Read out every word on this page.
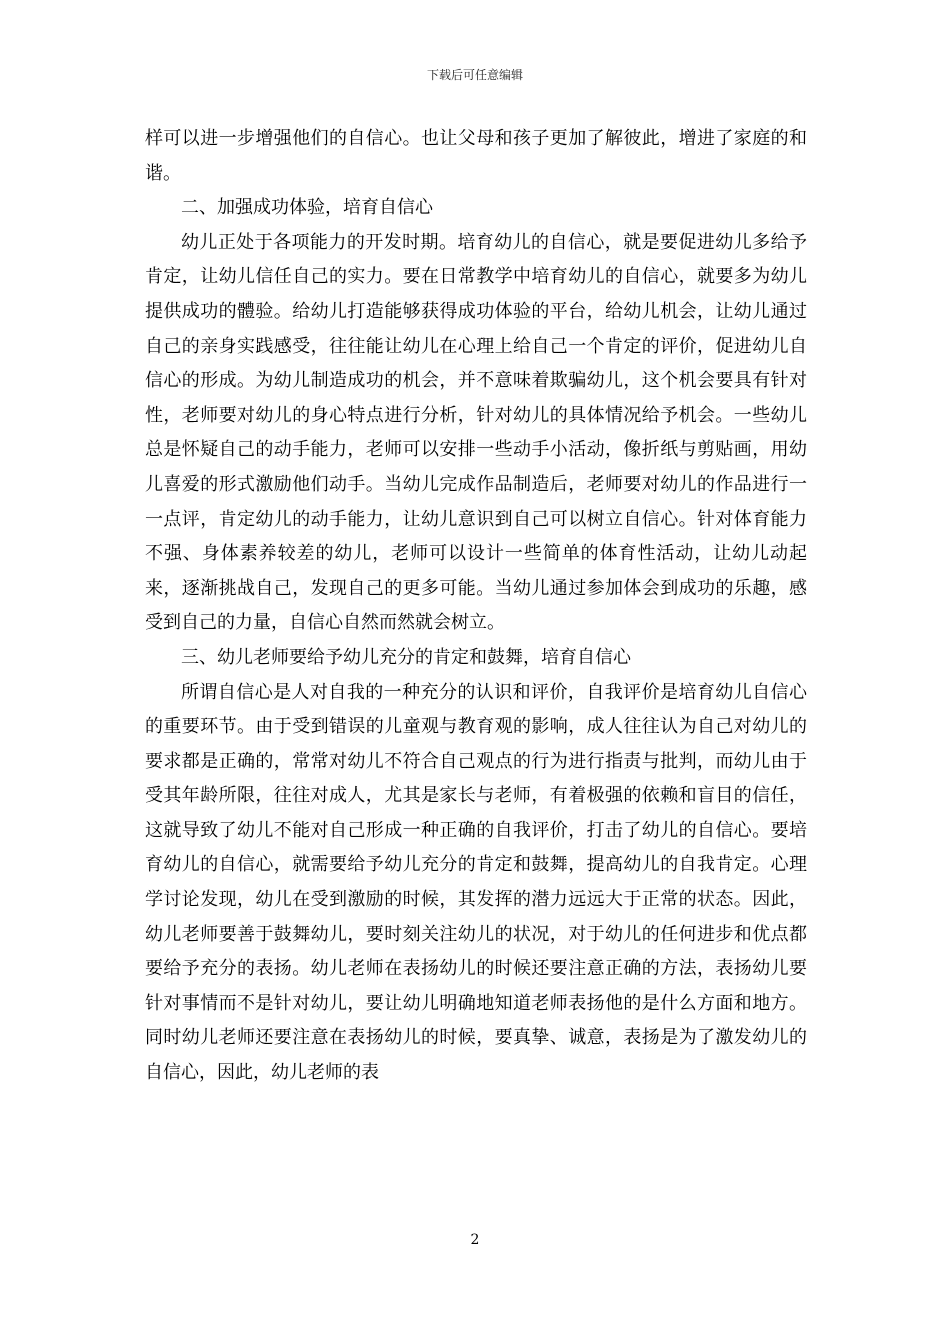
下载后可任意编辑

样可以进一步增强他们的自信心。也让父母和孩子更加了解彼此，增进了家庭的和谐。

二、加强成功体验，培育自信心

幼儿正处于各项能力的开发时期。培育幼儿的自信心，就是要促进幼儿多给予肯定，让幼儿信任自己的实力。要在日常教学中培育幼儿的自信心，就要多为幼儿提供成功的體验。给幼儿打造能够获得成功体验的平台，给幼儿机会，让幼儿通过自己的亲身实践感受，往往能让幼儿在心理上给自己一个肯定的评价，促进幼儿自信心的形成。为幼儿制造成功的机会，并不意味着欺骗幼儿，这个机会要具有针对性，老师要对幼儿的身心特点进行分析，针对幼儿的具体情况给予机会。一些幼儿总是怀疑自己的动手能力，老师可以安排一些动手小活动，像折纸与剪贴画，用幼儿喜爱的形式激励他们动手。当幼儿完成作品制造后，老师要对幼儿的作品进行一一点评，肯定幼儿的动手能力，让幼儿意识到自己可以树立自信心。针对体育能力不强、身体素养较差的幼儿，老师可以设计一些简单的体育性活动，让幼儿动起来，逐渐挑战自己，发现自己的更多可能。当幼儿通过参加体会到成功的乐趣，感受到自己的力量，自信心自然而然就会树立。

三、幼儿老师要给予幼儿充分的肯定和鼓舞，培育自信心

所谓自信心是人对自我的一种充分的认识和评价，自我评价是培育幼儿自信心的重要环节。由于受到错误的儿童观与教育观的影响，成人往往认为自己对幼儿的要求都是正确的，常常对幼儿不符合自己观点的行为进行指责与批判，而幼儿由于受其年龄所限，往往对成人，尤其是家长与老师，有着极强的依赖和盲目的信任，这就导致了幼儿不能对自己形成一种正确的自我评价，打击了幼儿的自信心。要培育幼儿的自信心，就需要给予幼儿充分的肯定和鼓舞，提高幼儿的自我肯定。心理学讨论发现，幼儿在受到激励的时候，其发挥的潜力远远大于正常的状态。因此，幼儿老师要善于鼓舞幼儿，要时刻关注幼儿的状况，对于幼儿的任何进步和优点都要给予充分的表扬。幼儿老师在表扬幼儿的时候还要注意正确的方法，表扬幼儿要针对事情而不是针对幼儿，要让幼儿明确地知道老师表扬他的是什么方面和地方。同时幼儿老师还要注意在表扬幼儿的时候，要真挚、诚意，表扬是为了激发幼儿的自信心，因此，幼儿老师的表

2
